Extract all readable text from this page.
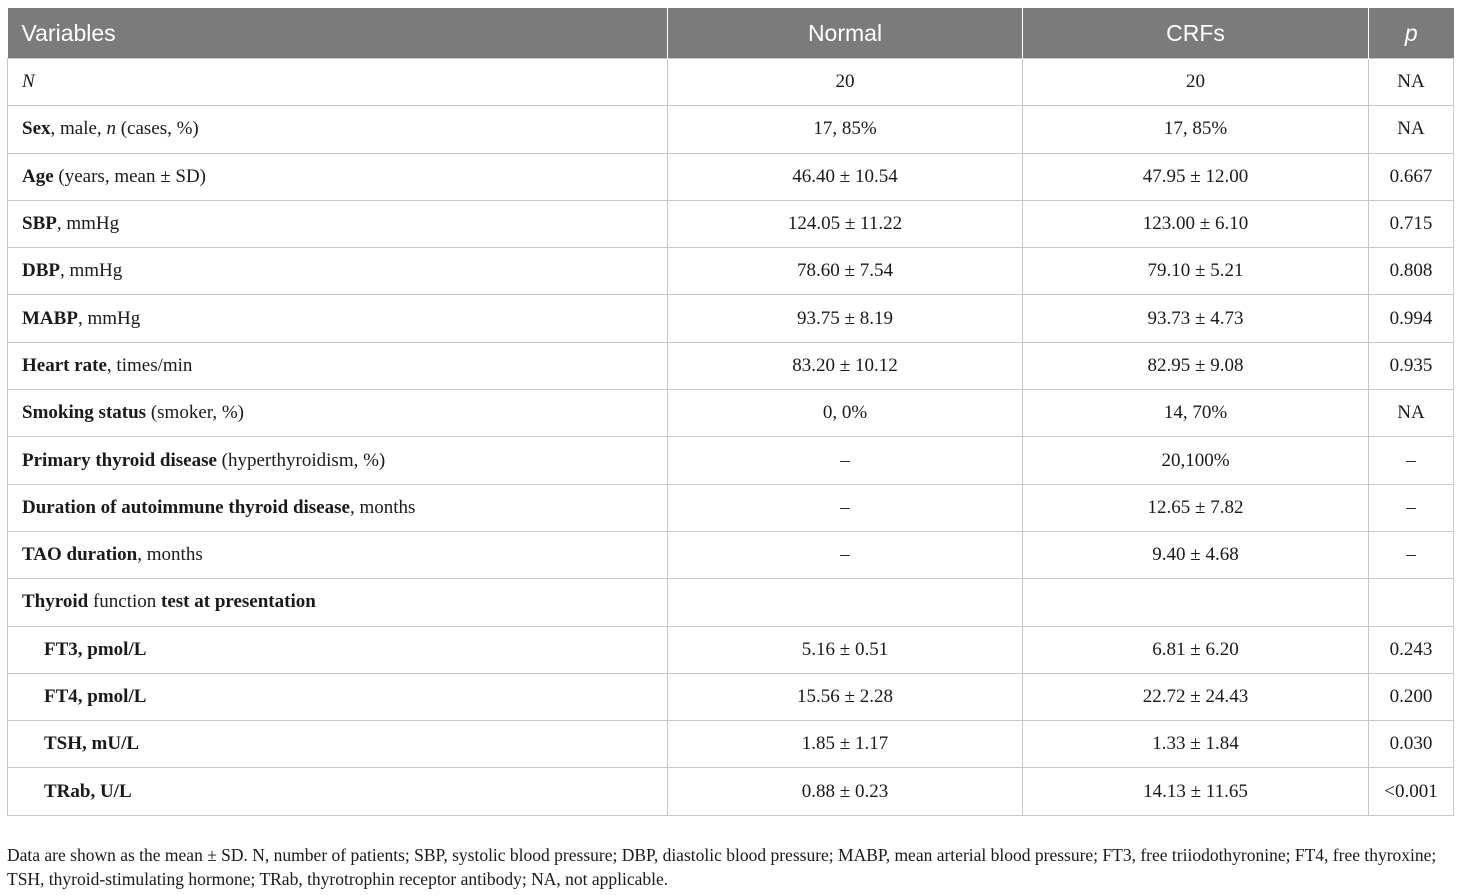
Variables	Normal	CRFs	p
N	20	20	NA
Sex, male, n (cases, %)	17, 85%	17, 85%	NA
Age (years, mean ± SD)	46.40 ± 10.54	47.95 ± 12.00	0.667
SBP, mmHg	124.05 ± 11.22	123.00 ± 6.10	0.715
DBP, mmHg	78.60 ± 7.54	79.10 ± 5.21	0.808
MABP, mmHg	93.75 ± 8.19	93.73 ± 4.73	0.994
Heart rate, times/min	83.20 ± 10.12	82.95 ± 9.08	0.935
Smoking status (smoker, %)	0, 0%	14, 70%	NA
Primary thyroid disease (hyperthyroidism, %)	–	20,100%	–
Duration of autoimmune thyroid disease, months	–	12.65 ± 7.82	–
TAO duration, months	–	9.40 ± 4.68	–
Thyroid function test at presentation			
FT3, pmol/L	5.16 ± 0.51	6.81 ± 6.20	0.243
FT4, pmol/L	15.56 ± 2.28	22.72 ± 24.43	0.200
TSH, mU/L	1.85 ± 1.17	1.33 ± 1.84	0.030
TRab, U/L	0.88 ± 0.23	14.13 ± 11.65	<0.001
Data are shown as the mean ± SD. N, number of patients; SBP, systolic blood pressure; DBP, diastolic blood pressure; MABP, mean arterial blood pressure; FT3, free triiodothyronine; FT4, free thyroxine; TSH, thyroid-stimulating hormone; TRab, thyrotrophin receptor antibody; NA, not applicable.
